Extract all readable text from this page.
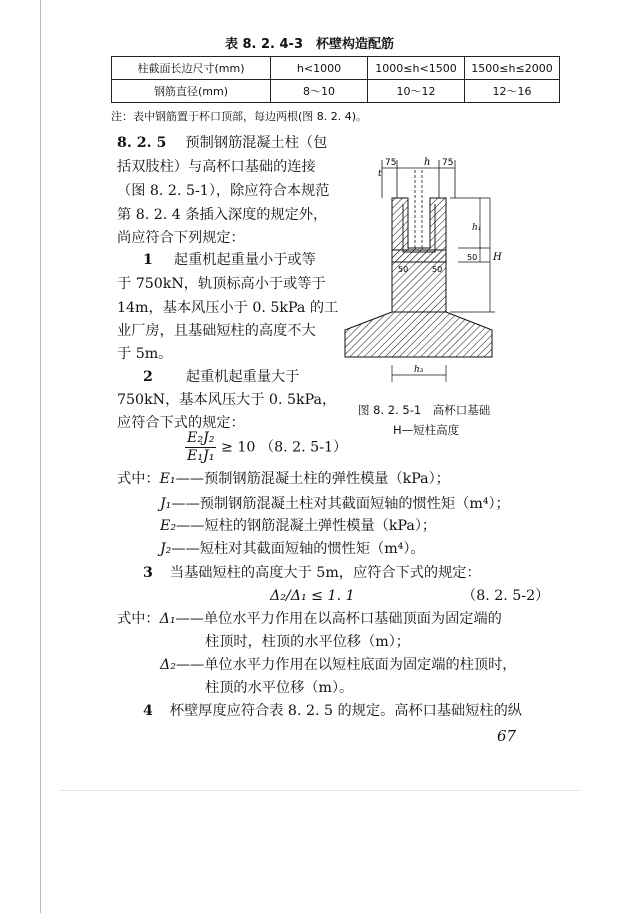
表 8. 2. 4-3　杯壁构造配筋
柱截面长边尺寸(mm)	h<1000	1000≤h<1500	1500≤h≤2000
钢筋直径(mm)	8～10	10～12	12～16
注：表中钢筋置于杯口顶部，每边两根(图 8. 2. 4)。
8. 2. 5 预制钢筋混凝土柱（包
括双肢柱）与高杯口基础的连接
（图 8. 2. 5-1），除应符合本规范
第 8. 2. 4 条插入深度的规定外，
尚应符合下列规定：
1 起重机起重量小于或等
于 750kN，轨顶标高小于或等于
14m，基本风压小于 0. 5kPa 的工
业厂房，且基础短柱的高度不大
于 5m。
2 起重机起重量大于
750kN，基本风压大于 0. 5kPa，
应符合下式的规定：
$\frac{\text{E₂J₂}}{\text{E₁J₁}} \ge 10$ （8. 2. 5-1）
75	h 75
t
h₁
H
50
50	50
h₃
图 8. 2. 5-1　高杯口基础
H—短柱高度
式中：E₁——预制钢筋混凝土柱的弹性模量（kPa）；
J₁——预制钢筋混凝土柱对其截面短轴的惯性矩（m⁴）；
E₂——短柱的钢筋混凝土弹性模量（kPa）；
J₂——短柱对其截面短轴的惯性矩（m⁴）。
3 当基础短柱的高度大于 5m，应符合下式的规定：
Δ₂/Δ₁ ≤ 1. 1	（8. 2. 5-2）
式中：Δ₁——单位水平力作用在以高杯口基础顶面为固定端的
柱顶时，柱顶的水平位移（m）；
Δ₂——单位水平力作用在以短柱底面为固定端的柱顶时，
柱顶的水平位移（m）。
4 杯壁厚度应符合表 8. 2. 5 的规定。高杯口基础短柱的纵
67
